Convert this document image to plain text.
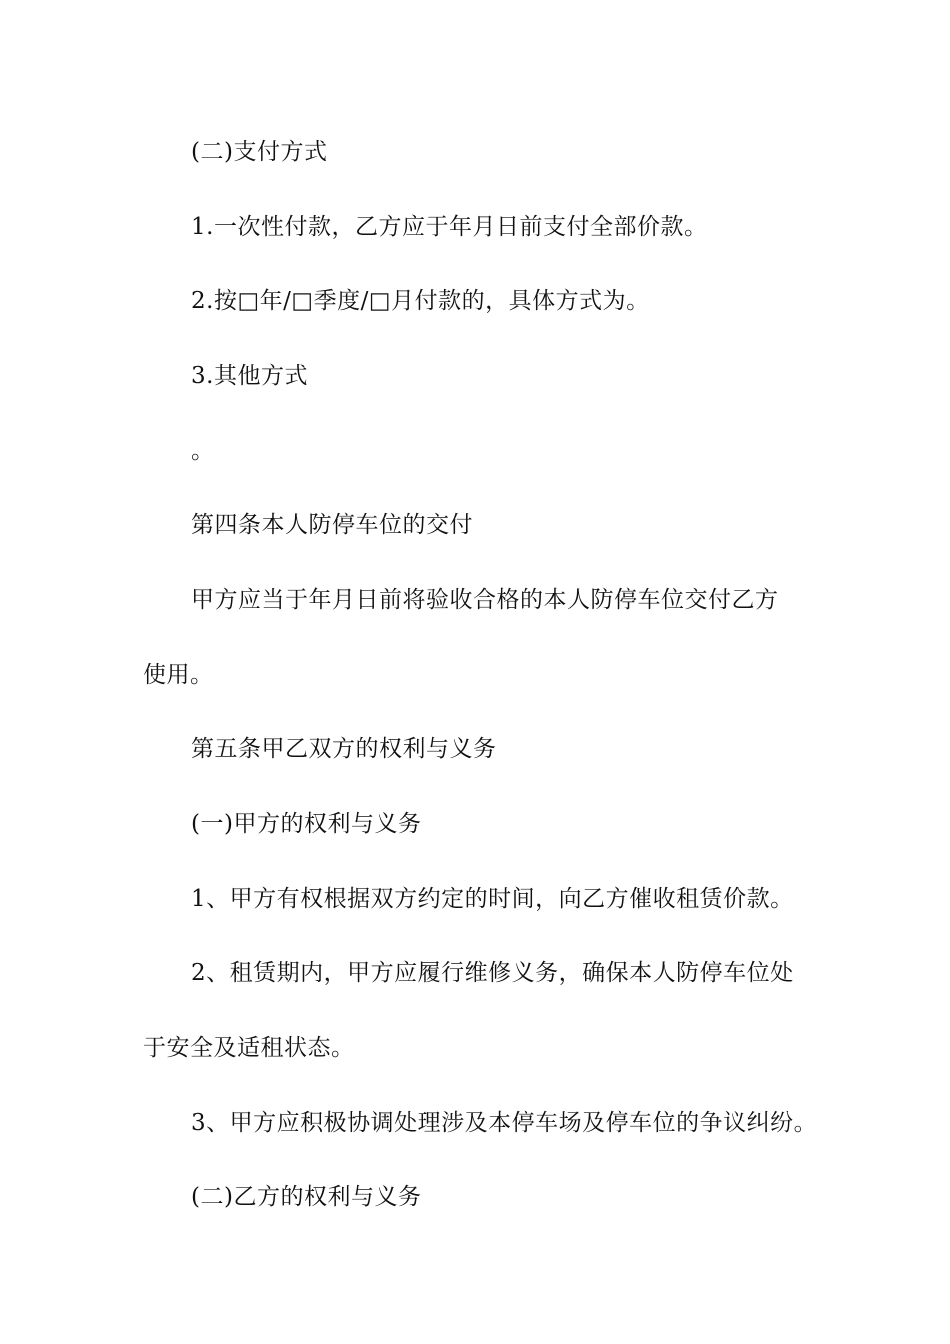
(二)支付方式

1.一次性付款，乙方应于年月日前支付全部价款。

2.按□年/□季度/□月付款的，具体方式为。

3.其他方式

。

第四条本人防停车位的交付

甲方应当于年月日前将验收合格的本人防停车位交付乙方

使用。

第五条甲乙双方的权利与义务

(一)甲方的权利与义务

1、甲方有权根据双方约定的时间，向乙方催收租赁价款。

2、租赁期内，甲方应履行维修义务，确保本人防停车位处

于安全及适租状态。

3、甲方应积极协调处理涉及本停车场及停车位的争议纠纷。

(二)乙方的权利与义务
